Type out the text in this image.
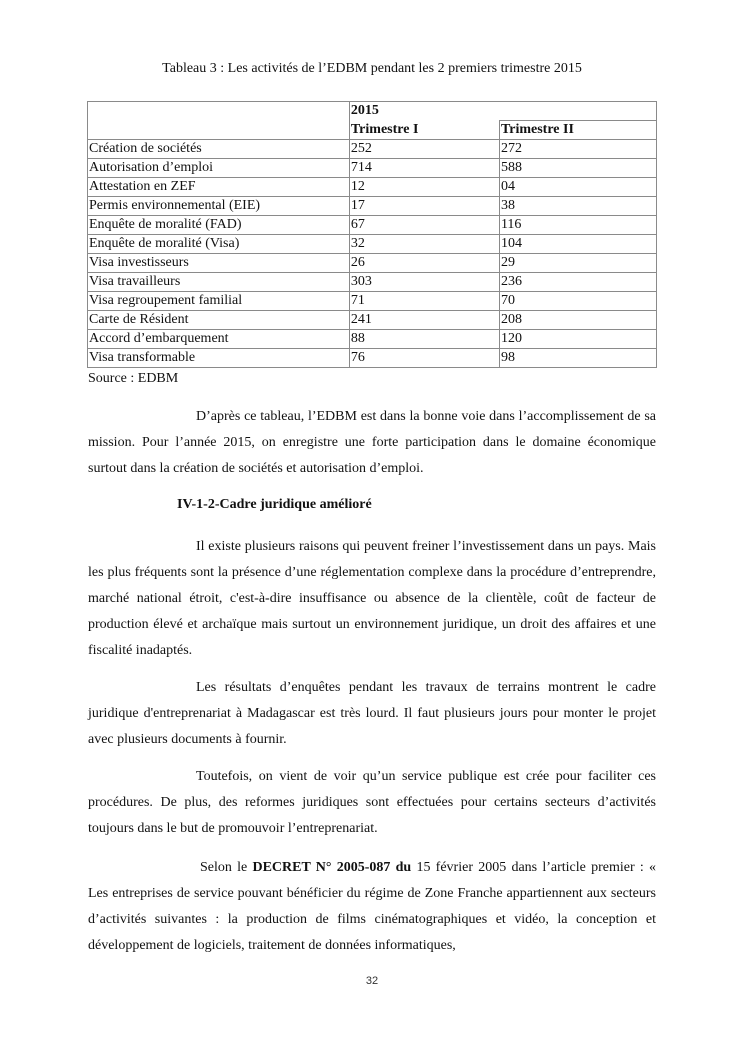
Tableau 3 : Les activités de l’EDBM pendant les 2 premiers trimestre 2015
	2015	
	Trimestre I	Trimestre II
Création de sociétés	252	272
Autorisation d’emploi	714	588
Attestation en ZEF	12	04
Permis environnemental (EIE)	17	38
Enquête de moralité (FAD)	67	116
Enquête de moralité (Visa)	32	104
Visa investisseurs	26	29
Visa travailleurs	303	236
Visa regroupement familial	71	70
Carte de Résident	241	208
Accord d’embarquement	88	120
Visa transformable	76	98
Source : EDBM

D’après ce tableau, l’EDBM est dans la bonne voie dans l’accomplissement de sa mission. Pour l’année 2015, on enregistre une forte participation dans le domaine économique surtout dans la création de sociétés et autorisation d’emploi.

IV-1-2-Cadre juridique amélioré

Il existe plusieurs raisons qui peuvent freiner l’investissement dans un pays. Mais les plus fréquents sont la présence d’une réglementation complexe dans la procédure d’entreprendre, marché national étroit, c'est-à-dire insuffisance ou absence de la clientèle, coût de facteur de production élevé et archaïque mais surtout un environnement juridique, un droit des affaires et une fiscalité inadaptés.

Les résultats d’enquêtes pendant les travaux de terrains montrent le cadre juridique d'entreprenariat à Madagascar est très lourd. Il faut plusieurs jours pour monter le projet avec plusieurs documents à fournir.

Toutefois, on vient de voir qu’un service publique est crée pour faciliter ces procédures. De plus, des reformes juridiques sont effectuées pour certains secteurs d’activités toujours dans le but de promouvoir l’entreprenariat.

Selon le DECRET N° 2005-087 du 15 février 2005 dans l’article premier : « Les entreprises de service pouvant bénéficier du régime de Zone Franche appartiennent aux secteurs d’activités suivantes : la production de films cinématographiques et vidéo, la conception et développement de logiciels, traitement de données informatiques,

32
